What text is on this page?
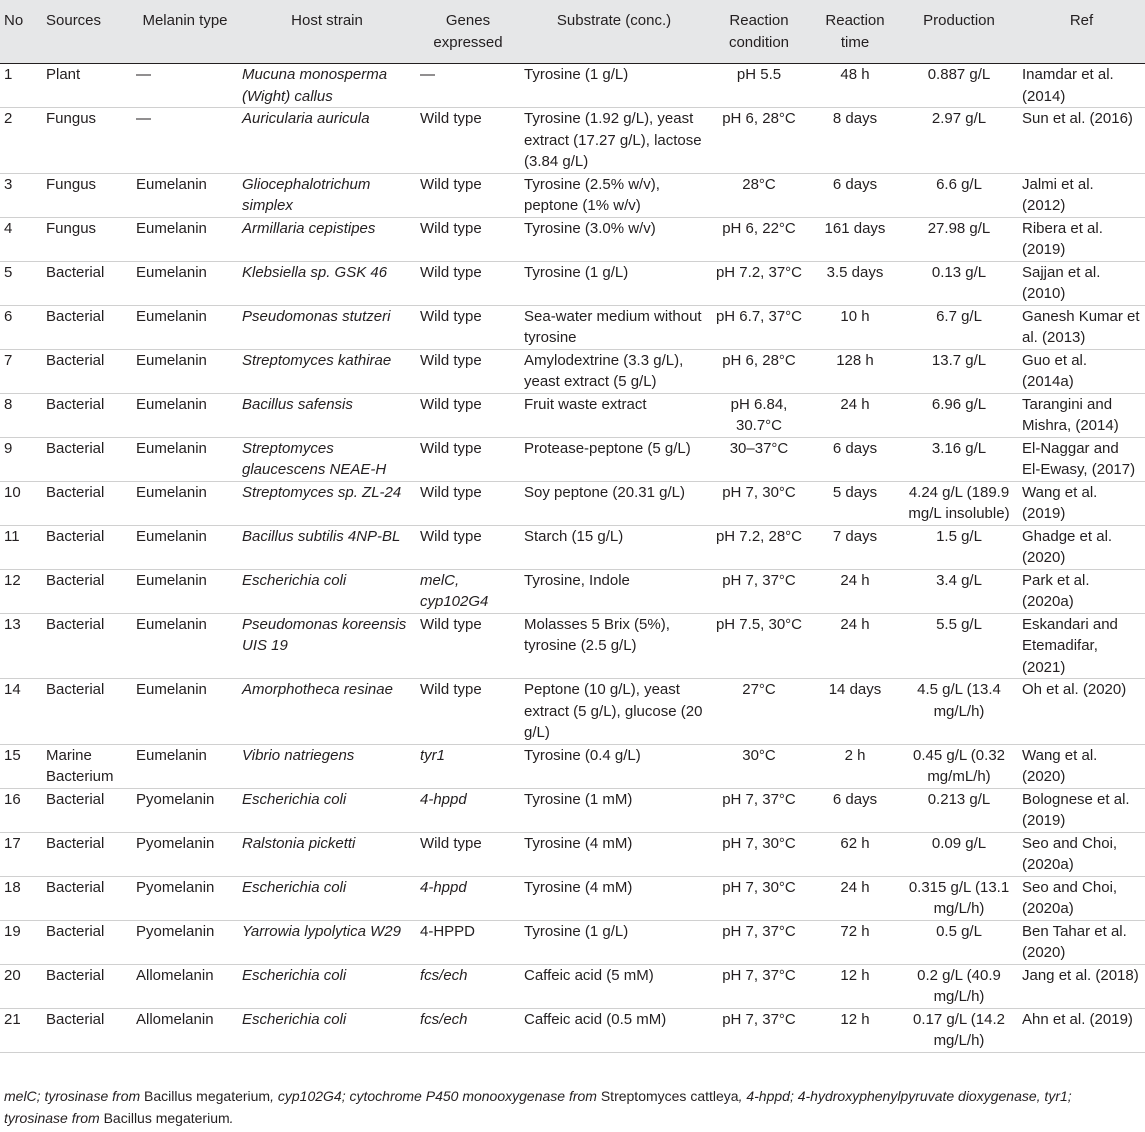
No	Sources	Melanin type	Host strain	Genes expressed	Substrate (conc.)	Reaction condition	Reaction time	Production	Ref
1	Plant	—	Mucuna monosperma (Wight) callus	—	Tyrosine (1 g/L)	pH 5.5	48 h	0.887 g/L	Inamdar et al. (2014)
2	Fungus	—	Auricularia auricula	Wild type	Tyrosine (1.92 g/L), yeast extract (17.27 g/L), lactose (3.84 g/L)	pH 6, 28°C	8 days	2.97 g/L	Sun et al. (2016)
3	Fungus	Eumelanin	Gliocephalotrichum simplex	Wild type	Tyrosine (2.5% w/v), peptone (1% w/v)	28°C	6 days	6.6 g/L	Jalmi et al. (2012)
4	Fungus	Eumelanin	Armillaria cepistipes	Wild type	Tyrosine (3.0% w/v)	pH 6, 22°C	161 days	27.98 g/L	Ribera et al. (2019)
5	Bacterial	Eumelanin	Klebsiella sp. GSK 46	Wild type	Tyrosine (1 g/L)	pH 7.2, 37°C	3.5 days	0.13 g/L	Sajjan et al. (2010)
6	Bacterial	Eumelanin	Pseudomonas stutzeri	Wild type	Sea-water medium without tyrosine	pH 6.7, 37°C	10 h	6.7 g/L	Ganesh Kumar et al. (2013)
7	Bacterial	Eumelanin	Streptomyces kathirae	Wild type	Amylodextrine (3.3 g/L), yeast extract (5 g/L)	pH 6, 28°C	128 h	13.7 g/L	Guo et al. (2014a)
8	Bacterial	Eumelanin	Bacillus safensis	Wild type	Fruit waste extract	pH 6.84, 30.7°C	24 h	6.96 g/L	Tarangini and Mishra, (2014)
9	Bacterial	Eumelanin	Streptomyces glaucescens NEAE-H	Wild type	Protease-peptone (5 g/L)	30–37°C	6 days	3.16 g/L	El-Naggar and El-Ewasy, (2017)
10	Bacterial	Eumelanin	Streptomyces sp. ZL-24	Wild type	Soy peptone (20.31 g/L)	pH 7, 30°C	5 days	4.24 g/L (189.9 mg/L insoluble)	Wang et al. (2019)
11	Bacterial	Eumelanin	Bacillus subtilis 4NP-BL	Wild type	Starch (15 g/L)	pH 7.2, 28°C	7 days	1.5 g/L	Ghadge et al. (2020)
12	Bacterial	Eumelanin	Escherichia coli	melC, cyp102G4	Tyrosine, Indole	pH 7, 37°C	24 h	3.4 g/L	Park et al. (2020a)
13	Bacterial	Eumelanin	Pseudomonas koreensis UIS 19	Wild type	Molasses 5 Brix (5%), tyrosine (2.5 g/L)	pH 7.5, 30°C	24 h	5.5 g/L	Eskandari and Etemadifar, (2021)
14	Bacterial	Eumelanin	Amorphotheca resinae	Wild type	Peptone (10 g/L), yeast extract (5 g/L), glucose (20 g/L)	27°C	14 days	4.5 g/L (13.4 mg/L/h)	Oh et al. (2020)
15	Marine Bacterium	Eumelanin	Vibrio natriegens	tyr1	Tyrosine (0.4 g/L)	30°C	2 h	0.45 g/L (0.32 mg/mL/h)	Wang et al. (2020)
16	Bacterial	Pyomelanin	Escherichia coli	4-hppd	Tyrosine (1 mM)	pH 7, 37°C	6 days	0.213 g/L	Bolognese et al. (2019)
17	Bacterial	Pyomelanin	Ralstonia picketti	Wild type	Tyrosine (4 mM)	pH 7, 30°C	62 h	0.09 g/L	Seo and Choi, (2020a)
18	Bacterial	Pyomelanin	Escherichia coli	4-hppd	Tyrosine (4 mM)	pH 7, 30°C	24 h	0.315 g/L (13.1 mg/L/h)	Seo and Choi, (2020a)
19	Bacterial	Pyomelanin	Yarrowia lypolytica W29	4-HPPD	Tyrosine (1 g/L)	pH 7, 37°C	72 h	0.5 g/L	Ben Tahar et al. (2020)
20	Bacterial	Allomelanin	Escherichia coli	fcs/ech	Caffeic acid (5 mM)	pH 7, 37°C	12 h	0.2 g/L (40.9 mg/L/h)	Jang et al. (2018)
21	Bacterial	Allomelanin	Escherichia coli	fcs/ech	Caffeic acid (0.5 mM)	pH 7, 37°C	12 h	0.17 g/L (14.2 mg/L/h)	Ahn et al. (2019)
melC; tyrosinase from Bacillus megaterium, cyp102G4; cytochrome P450 monooxygenase from Streptomyces cattleya, 4-hppd; 4-hydroxyphenylpyruvate dioxygenase, tyr1; tyrosinase from Bacillus megaterium.
